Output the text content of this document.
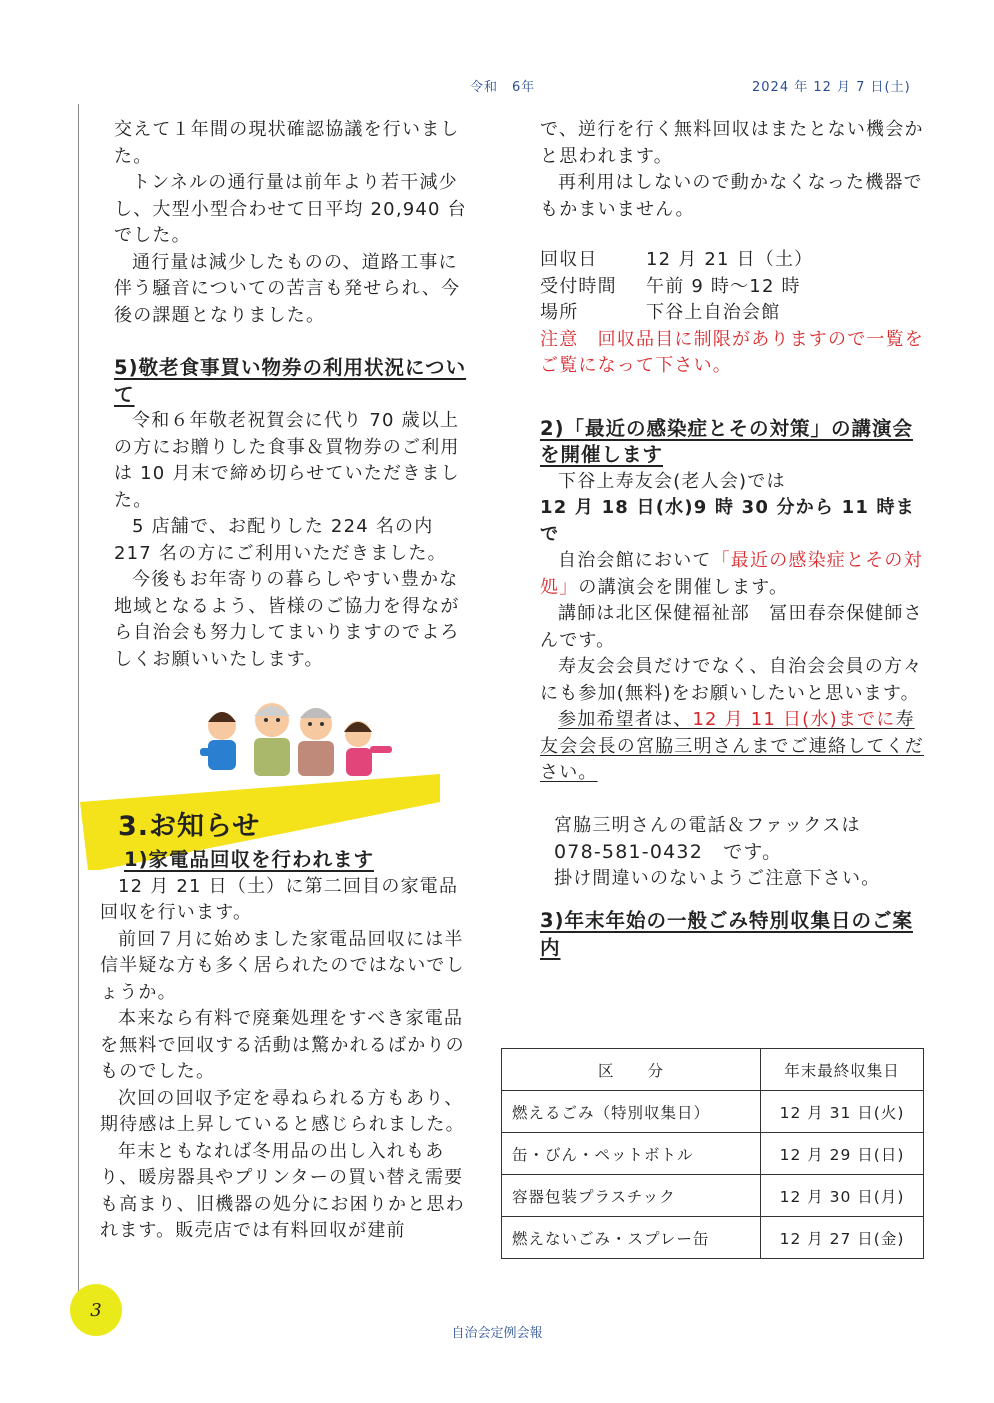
令和　6年	2024 年 12 月 7 日(土)

交えて１年間の現状確認協議を行いました。

トンネルの通行量は前年より若干減少し、大型小型合わせて日平均 20,940 台でした。

通行量は減少したものの、道路工事に伴う騒音についての苦言も発せられ、今後の課題となりました。

5)敬老食事買い物券の利用状況について

令和６年敬老祝賀会に代り 70 歳以上の方にお贈りした食事＆買物券のご利用は 10 月末で締め切らせていただきました。

5 店舗で、お配りした 224 名の内 217 名の方にご利用いただきました。

今後もお年寄りの暮らしやすい豊かな地域となるよう、皆様のご協力を得ながら自治会も努力してまいりますのでよろしくお願いいたします。

3.お知らせ

1)家電品回収を行われます

12 月 21 日（土）に第二回目の家電品回収を行います。

前回７月に始めました家電品回収には半信半疑な方も多く居られたのではないでしょうか。

本来なら有料で廃棄処理をすべき家電品を無料で回収する活動は驚かれるばかりのものでした。

次回の回収予定を尋ねられる方もあり、期待感は上昇していると感じられました。

年末ともなれば冬用品の出し入れもあり、暖房器具やプリンターの買い替え需要も高まり、旧機器の処分にお困りかと思われます。販売店では有料回収が建前

で、逆行を行く無料回収はまたとない機会かと思われます。

再利用はしないので動かなくなった機器でもかまいません。

回収日	12 月 21 日（土）
受付時間	午前 9 時～12 時
場所	下谷上自治会館

注意　回収品目に制限がありますので一覧をご覧になって下さい。

2)「最近の感染症とその対策」の講演会を開催します

下谷上寿友会(老人会)では

12 月 18 日(水)9 時 30 分から 11 時まで

自治会館において「最近の感染症とその対処」の講演会を開催します。

講師は北区保健福祉部　冨田春奈保健師さんです。

寿友会会員だけでなく、自治会会員の方々にも参加(無料)をお願いしたいと思います。

参加希望者は、12 月 11 日(水)までに寿友会会長の宮脇三明さんまでご連絡してください。

宮脇三明さんの電話＆ファックスは

078-581-0432　です。

掛け間違いのないようご注意下さい。

3)年末年始の一般ごみ特別収集日のご案内

区　　分	年末最終収集日
燃えるごみ（特別収集日）	12 月 31 日(火)
缶・びん・ペットボトル	12 月 29 日(日)
容器包装プラスチック	12 月 30 日(月)
燃えないごみ・スプレー缶	12 月 27 日(金)
3
自治会定例会報
